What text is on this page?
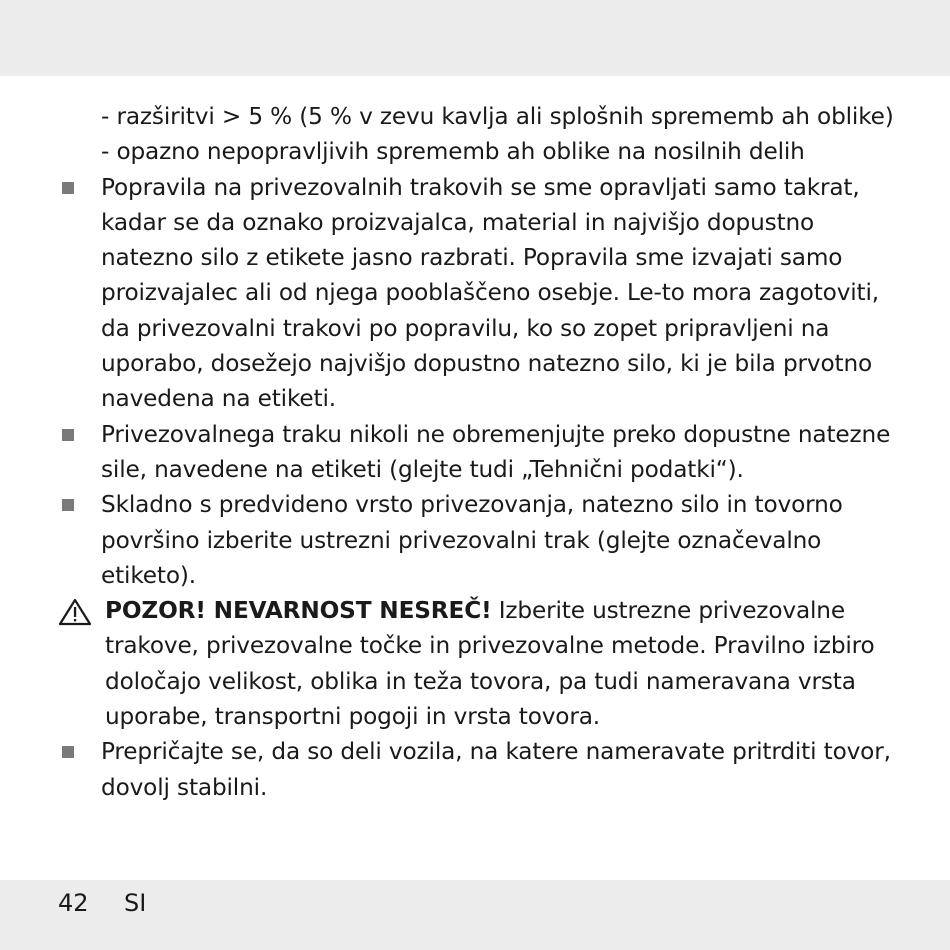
- razširitvi > 5 % (5 % v zevu kavlja ali splošnih sprememb ah oblike)
- opazno nepopravljivih sprememb ah oblike na nosilnih delih
Popravila na privezovalnih trakovih se sme opravljati samo takrat,
kadar se da oznako proizvajalca, material in najvišjo dopustno
natezno silo z etikete jasno razbrati. Popravila sme izvajati samo
proizvajalec ali od njega pooblaščeno osebje. Le-to mora zagotoviti,
da privezovalni trakovi po popravilu, ko so zopet pripravljeni na
uporabo, dosežejo najvišjo dopustno natezno silo, ki je bila prvotno
navedena na etiketi.
Privezovalnega traku nikoli ne obremenjujte preko dopustne natezne
sile, navedene na etiketi (glejte tudi „Tehnični podatki“).
Skladno s predvideno vrsto privezovanja, natezno silo in tovorno
površino izberite ustrezni privezovalni trak (glejte označevalno
etiketo).
POZOR! NEVARNOST NESREČ! Izberite ustrezne privezovalne
trakove, privezovalne točke in privezovalne metode. Pravilno izbiro
določajo velikost, oblika in teža tovora, pa tudi nameravana vrsta
uporabe, transportni pogoji in vrsta tovora.
Prepričajte se, da so deli vozila, na katere nameravate pritrditi tovor,
dovolj stabilni.
42 SI
